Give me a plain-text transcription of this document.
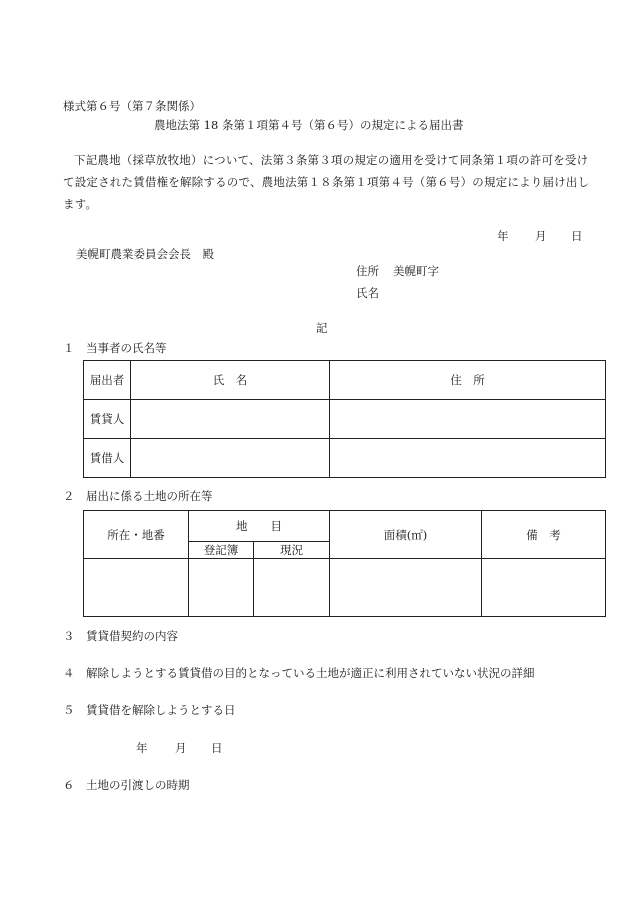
様式第６号（第７条関係）
農地法第 18 条第１項第４号（第６号）の規定による届出書
下記農地（採草放牧地）について、法第３条第３項の規定の適用を受けて同条第１項の許可を受けて設定された賃借権を解除するので、農地法第１８条第１項第４号（第６号）の規定により届け出します。
年 月 日
美幌町農業委員会会長　殿
住所 美幌町字
氏名
記
１　当事者の氏名等
届出者	氏　名	住　所
賃貸人		
賃借人		
２　届出に係る土地の所在等
所在・地番	地　　目		面積(㎡)	備　考
	登記簿	現況		

３　賃貸借契約の内容
４　解除しようとする賃貸借の目的となっている土地が適正に利用されていない状況の詳細
５　賃貸借を解除しようとする日
年 月 日
６　土地の引渡しの時期
